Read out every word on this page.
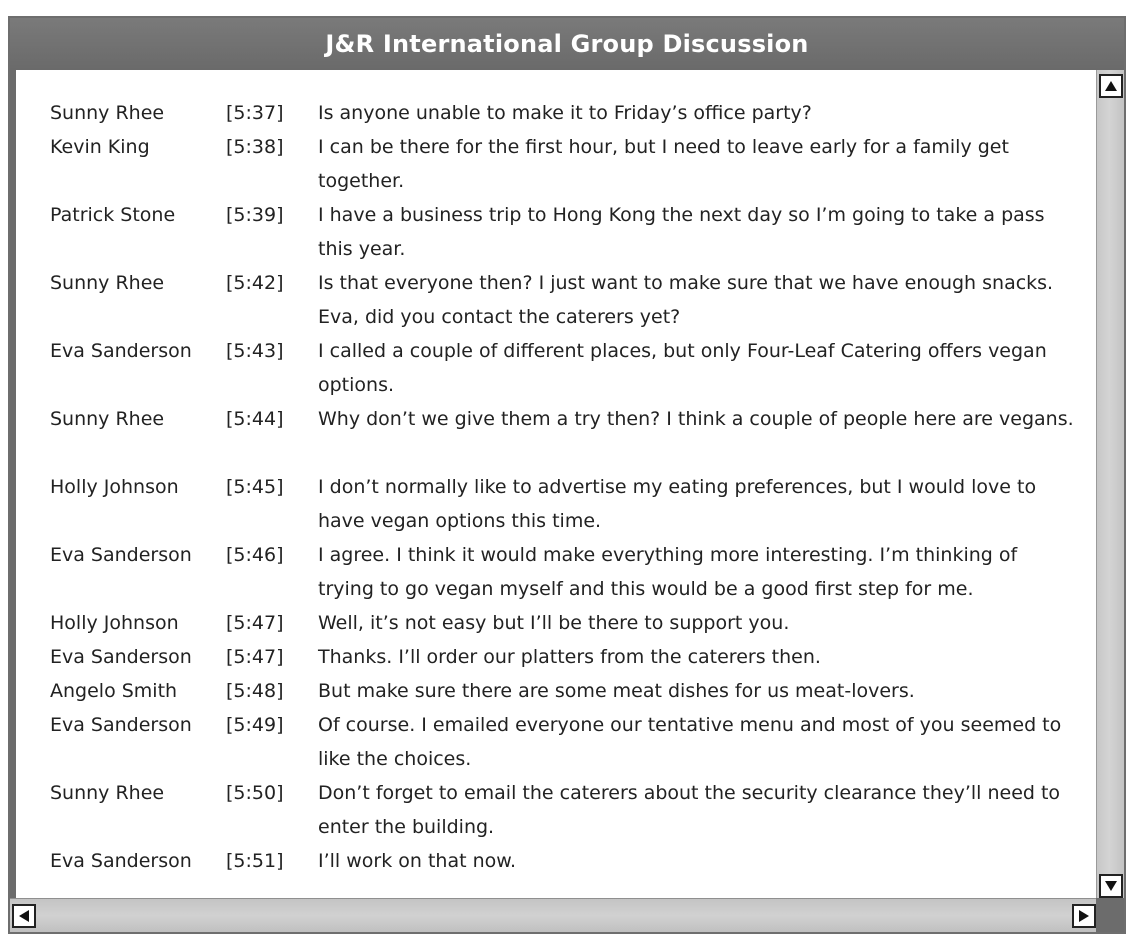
J&R International Group Discussion
Sunny Rhee	[5:37] Is anyone unable to make it to Friday’s office party?
Kevin King	[5:38] I can be there for the first hour, but I need to leave early for a family get together.
Patrick Stone	[5:39] I have a business trip to Hong Kong the next day so I’m going to take a pass this year.
Sunny Rhee	[5:42] Is that everyone then? I just want to make sure that we have enough snacks. Eva, did you contact the caterers yet?
Eva Sanderson [5:43] I called a couple of different places, but only Four-Leaf Catering offers vegan options.
Sunny Rhee	[5:44] Why don’t we give them a try then? I think a couple of people here are vegans.
Holly Johnson [5:45] I don’t normally like to advertise my eating preferences, but I would love to have vegan options this time.
Eva Sanderson [5:46] I agree. I think it would make everything more interesting. I’m thinking of trying to go vegan myself and this would be a good first step for me.
Holly Johnson [5:47] Well, it’s not easy but I’ll be there to support you.
Eva Sanderson [5:47] Thanks. I’ll order our platters from the caterers then.
Angelo Smith	[5:48] But make sure there are some meat dishes for us meat-lovers.
Eva Sanderson [5:49] Of course. I emailed everyone our tentative menu and most of you seemed to like the choices.
Sunny Rhee	[5:50] Don’t forget to email the caterers about the security clearance they’ll need to enter the building.
Eva Sanderson [5:51] I’ll work on that now.
